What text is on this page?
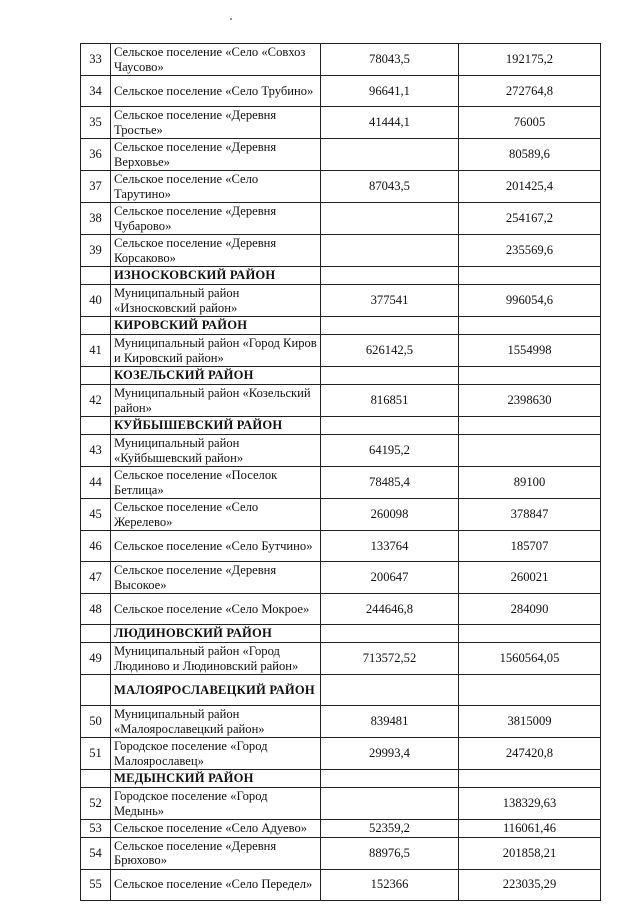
33	Сельское поселение «Село «Совхоз Чаусово»	78043,5	192175,2
34	Сельское поселение «Село Трубино»	96641,1	272764,8
35	Сельское поселение «Деревня Тростье»	41444,1	76005
36	Сельское поселение «Деревня Верховье»		80589,6
37	Сельское поселение «Село Тарутино»	87043,5	201425,4
38	Сельское поселение «Деревня Чубарово»		254167,2
39	Сельское поселение «Деревня Корсаково»		235569,6
	ИЗНОСКОВСКИЙ РАЙОН		
40	Муниципальный район «Износковский район»	377541	996054,6
	КИРОВСКИЙ РАЙОН		
41	Муниципальный район «Город Киров и Кировский район»	626142,5	1554998
	КОЗЕЛЬСКИЙ РАЙОН		
42	Муниципальный район «Козельский район»	816851	2398630
	КУЙБЫШЕВСКИЙ РАЙОН		
43	Муниципальный район «Куйбышевский район»	64195,2	
44	Сельское поселение «Поселок Бетлица»	78485,4	89100
45	Сельское поселение «Село Жерелево»	260098	378847
46	Сельское поселение «Село Бутчино»	133764	185707
47	Сельское поселение «Деревня Высокое»	200647	260021
48	Сельское поселение «Село Мокрое»	244646,8	284090
	ЛЮДИНОВСКИЙ РАЙОН		
49	Муниципальный район «Город Людиново и Людиновский район»	713572,52	1560564,05
	МАЛОЯРОСЛАВЕЦКИЙ РАЙОН		
50	Муниципальный район «Малоярославецкий район»	839481	3815009
51	Городское поселение «Город Малоярославец»	29993,4	247420,8
	МЕДЫНСКИЙ РАЙОН		
52	Городское поселение «Город Медынь»		138329,63
53	Сельское поселение «Село Адуево»	52359,2	116061,46
54	Сельское поселение «Деревня Брюхово»	88976,5	201858,21
55	Сельское поселение «Село Передел»	152366	223035,29
